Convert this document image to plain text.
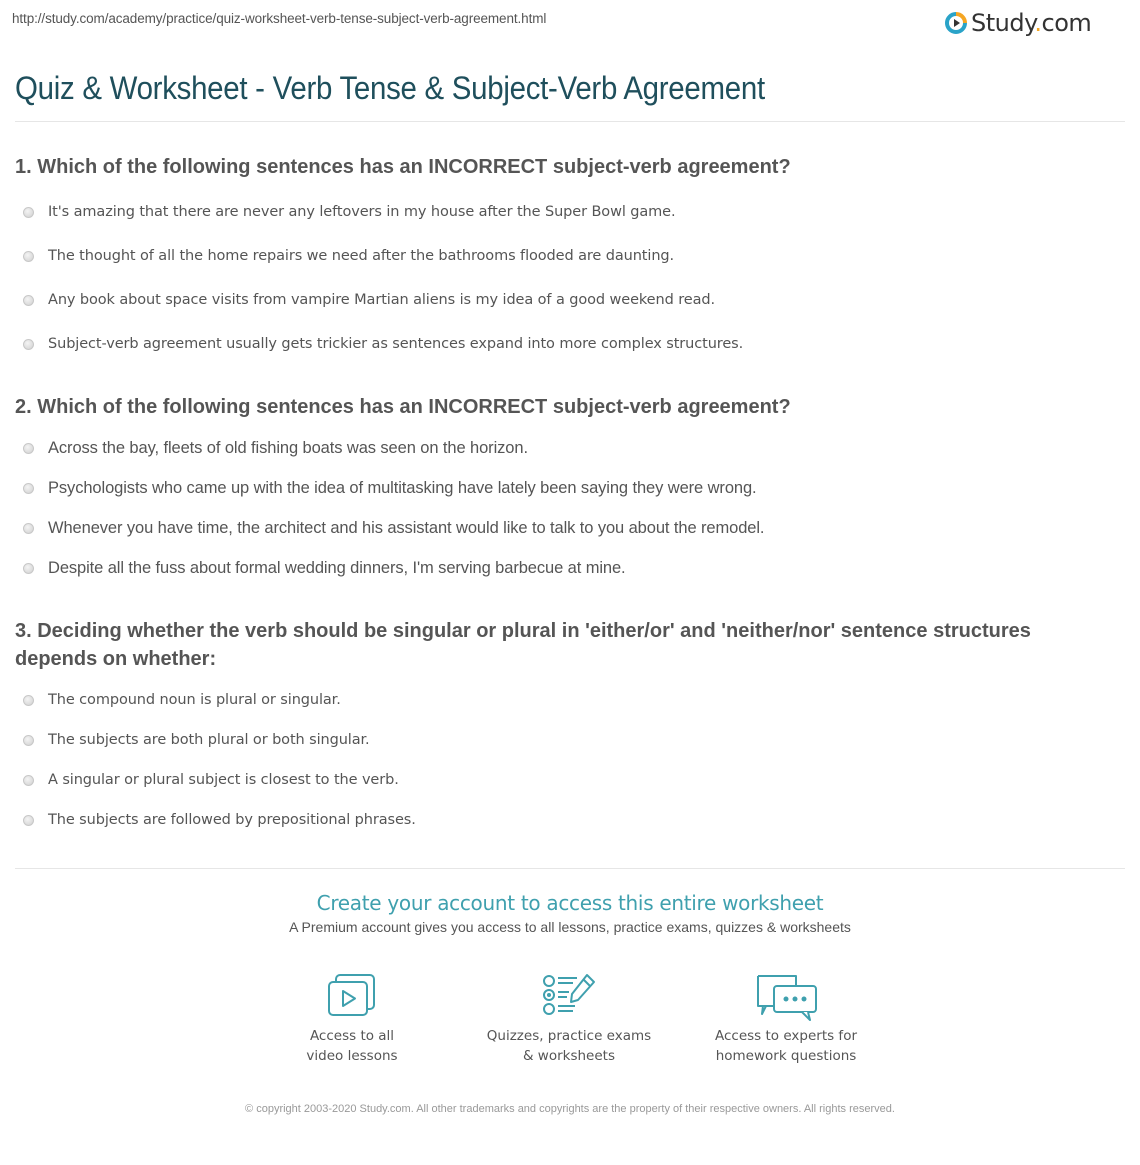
http://study.com/academy/practice/quiz-worksheet-verb-tense-subject-verb-agreement.html	Study.com
Quiz & Worksheet - Verb Tense & Subject-Verb Agreement
1. Which of the following sentences has an INCORRECT subject-verb agreement?
It's amazing that there are never any leftovers in my house after the Super Bowl game.
The thought of all the home repairs we need after the bathrooms flooded are daunting.
Any book about space visits from vampire Martian aliens is my idea of a good weekend read.
Subject-verb agreement usually gets trickier as sentences expand into more complex structures.
2. Which of the following sentences has an INCORRECT subject-verb agreement?
Across the bay, fleets of old fishing boats was seen on the horizon.
Psychologists who came up with the idea of multitasking have lately been saying they were wrong.
Whenever you have time, the architect and his assistant would like to talk to you about the remodel.
Despite all the fuss about formal wedding dinners, I'm serving barbecue at mine.
3. Deciding whether the verb should be singular or plural in 'either/or' and 'neither/nor' sentence structures depends on whether:
The compound noun is plural or singular.
The subjects are both plural or both singular.
A singular or plural subject is closest to the verb.
The subjects are followed by prepositional phrases.
Create your account to access this entire worksheet
A Premium account gives you access to all lessons, practice exams, quizzes & worksheets
Access to all
video lessons
Quizzes, practice exams
& worksheets
Access to experts for
homework questions
© copyright 2003-2020 Study.com. All other trademarks and copyrights are the property of their respective owners. All rights reserved.
